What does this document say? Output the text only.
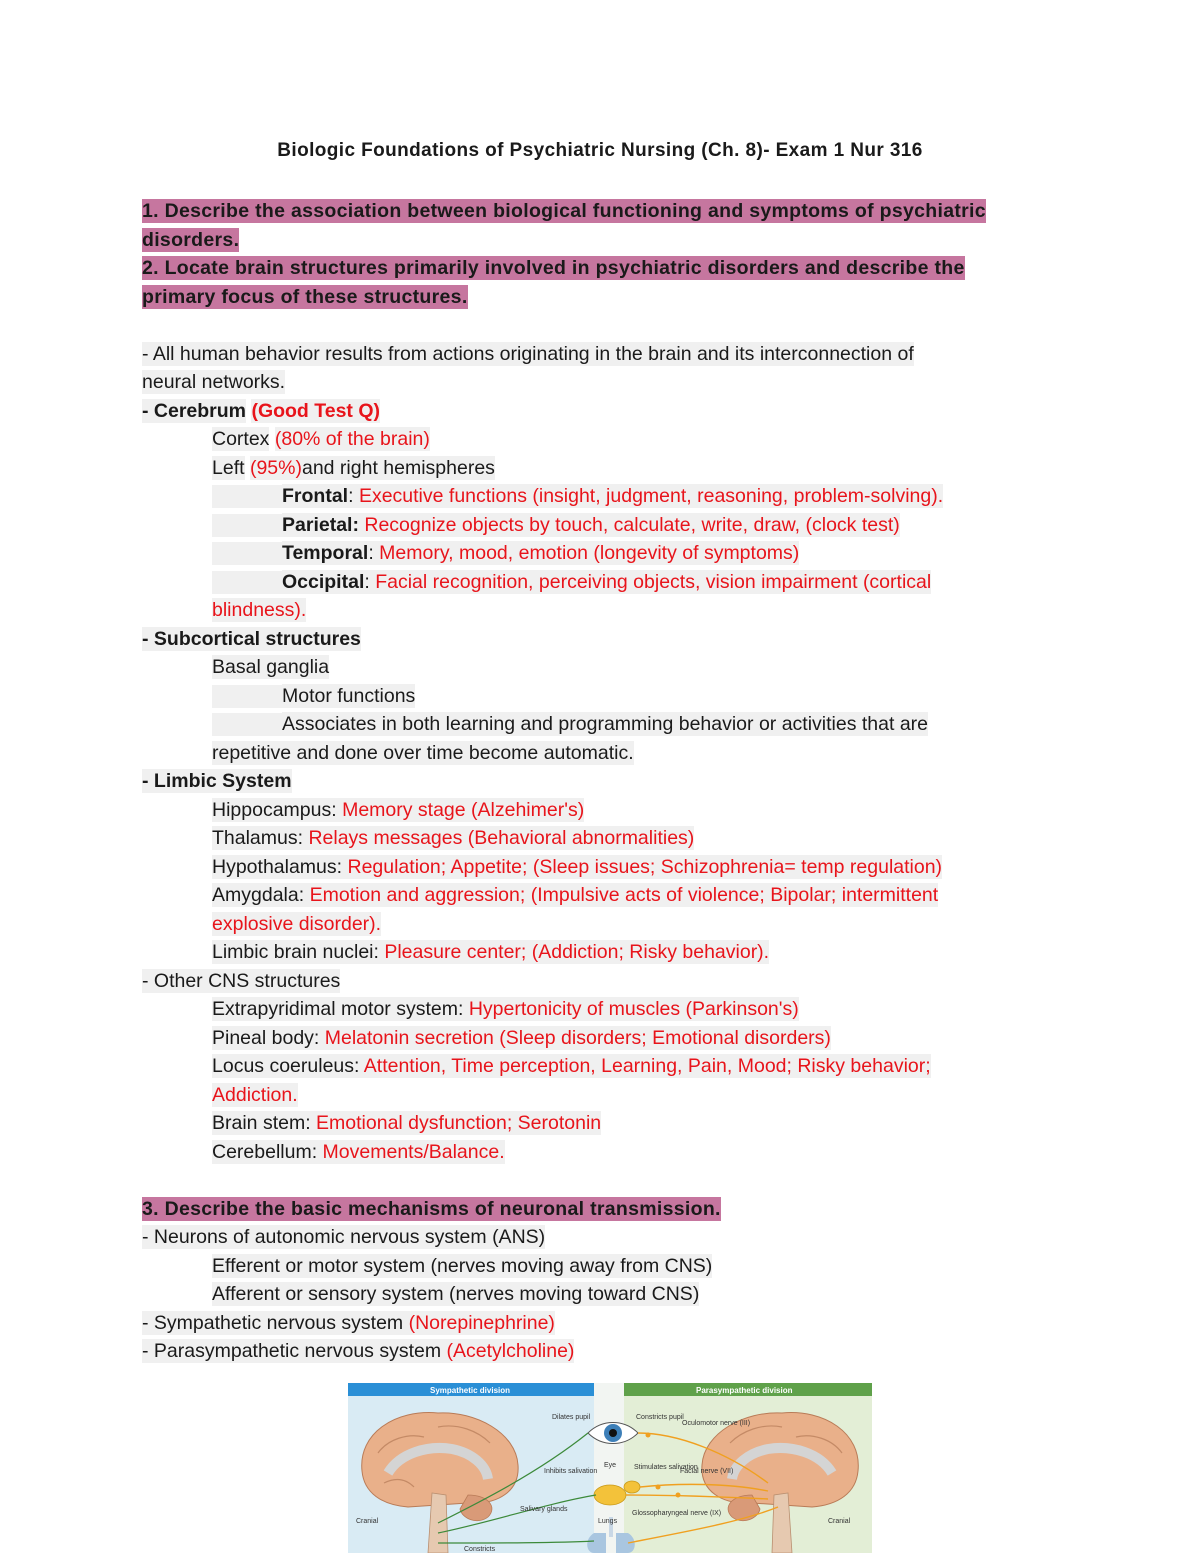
Biologic Foundations of Psychiatric Nursing (Ch. 8)- Exam 1 Nur 316
1. Describe the association between biological functioning and symptoms of psychiatric
disorders.
2. Locate brain structures primarily involved in psychiatric disorders and describe the
primary focus of these structures.
- All human behavior results from actions originating in the brain and its interconnection of
neural networks.
- Cerebrum (Good Test Q)
Cortex (80% of the brain)
Left (95%)and right hemispheres
Frontal: Executive functions (insight, judgment, reasoning, problem-solving).
Parietal: Recognize objects by touch, calculate, write, draw, (clock test)
Temporal: Memory, mood, emotion (longevity of symptoms)
Occipital: Facial recognition, perceiving objects, vision impairment (cortical
blindness).
- Subcortical structures
Basal ganglia
Motor functions
Associates in both learning and programming behavior or activities that are
repetitive and done over time become automatic.
- Limbic System
Hippocampus: Memory stage (Alzehimer's)
Thalamus: Relays messages (Behavioral abnormalities)
Hypothalamus: Regulation; Appetite; (Sleep issues; Schizophrenia= temp regulation)
Amygdala: Emotion and aggression; (Impulsive acts of violence; Bipolar; intermittent
explosive disorder).
Limbic brain nuclei: Pleasure center; (Addiction; Risky behavior).
- Other CNS structures
Extrapyridimal motor system: Hypertonicity of muscles (Parkinson's)
Pineal body: Melatonin secretion (Sleep disorders; Emotional disorders)
Locus coeruleus: Attention, Time perception, Learning, Pain, Mood; Risky behavior;
Addiction.
Brain stem: Emotional dysfunction; Serotonin
Cerebellum: Movements/Balance.
3. Describe the basic mechanisms of neuronal transmission.
- Neurons of autonomic nervous system (ANS)
Efferent or motor system (nerves moving away from CNS)
Afferent or sensory system (nerves moving toward CNS)
- Sympathetic nervous system (Norepinephrine)
- Parasympathetic nervous system (Acetylcholine)
Sympathetic division	Parasympathetic division
Dilates pupil	Constricts pupil
Oculomotor nerve (III)
Eye
Inhibits salivation
Stimulates salivation
Facial nerve (VII)
Salivary glands
Glossopharyngeal nerve (IX)
Lungs
Cranial	Cranial
Constricts
